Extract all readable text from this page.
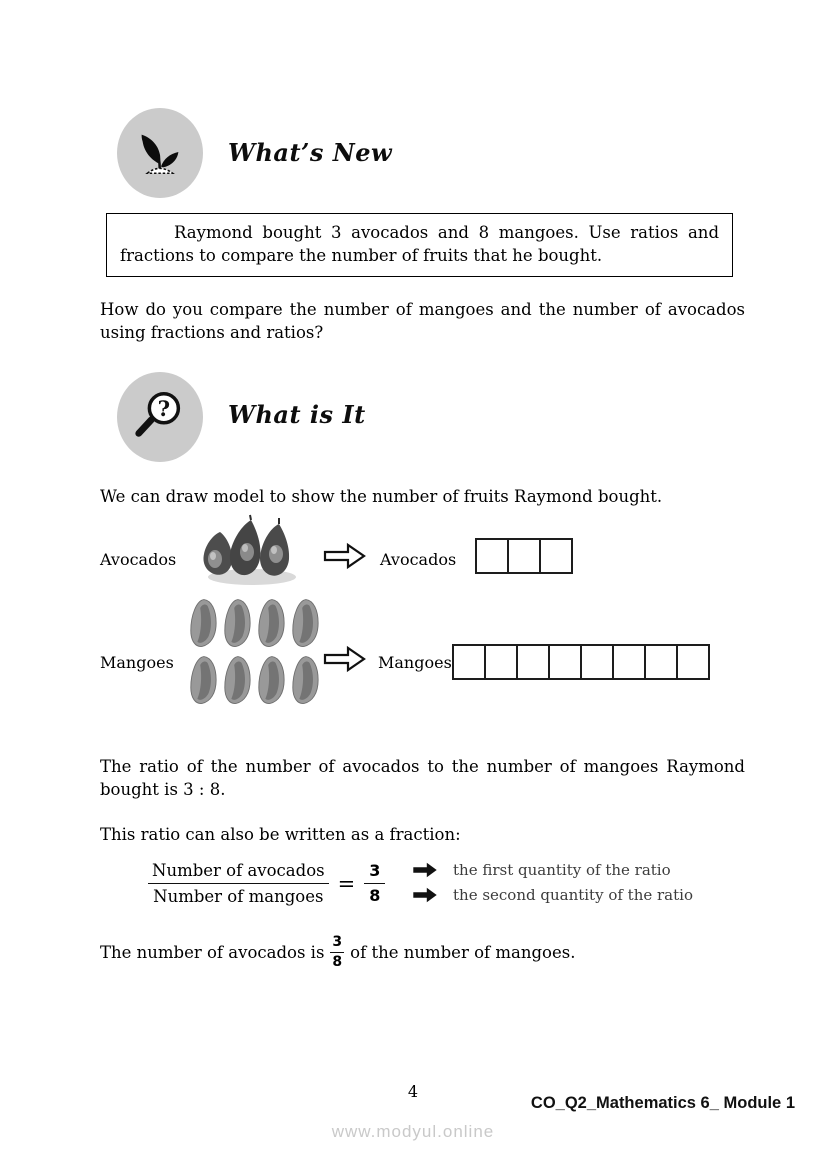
What’s New

Raymond bought 3 avocados and 8 mangoes. Use ratios and fractions to compare the number of fruits that he bought.

How do you compare the number of mangoes and the number of avocados using fractions and ratios?

? What is It

We can draw model to show the number of fruits Raymond bought.

Avocados	Avocados
Mangoes	Mangoes

The ratio of the number of avocados to the number of mangoes Raymond bought is 3 : 8.

This ratio can also be written as a fraction:

$\frac{\text{Number of avocados}}{\text{Number of mangoes}} = \frac{3}{8}$	the first quantity of the ratio
the second quantity of the ratio
The number of avocados is $\frac{3}{8}$ of the number of mangoes.
4
CO_Q2_Mathematics 6_ Module 1
www.modyul.online
